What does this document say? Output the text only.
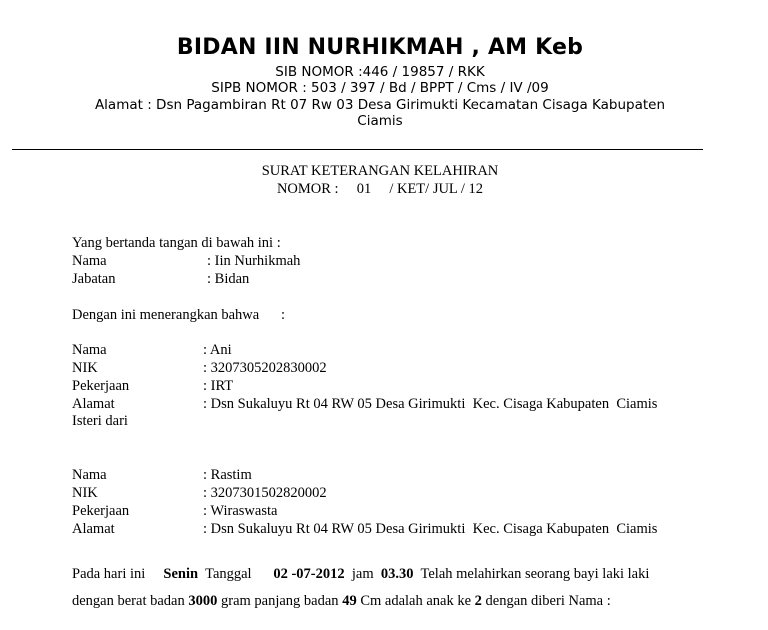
BIDAN IIN NURHIKMAH , AM Keb
SIB NOMOR :446 / 19857 / RKK
SIPB NOMOR : 503 / 397 / Bd / BPPT / Cms / IV /09
Alamat : Dsn Pagambiran Rt 07 Rw 03 Desa Girimukti Kecamatan Cisaga Kabupaten
Ciamis
SURAT KETERANGAN KELAHIRAN
NOMOR : 01 / KET/ JUL / 12
Yang bertanda tangan di bawah ini :
Nama	: Iin Nurhikmah
Jabatan	: Bidan
Dengan ini menerangkan bahwa      :
Nama	: Ani
NIK	: 3207305202830002
Pekerjaan	: IRT
Alamat	: Dsn Sukaluyu Rt 04 RW 05 Desa Girimukti  Kec. Cisaga Kabupaten  Ciamis
Isteri dari
Nama	: Rastim
NIK	: 3207301502820002
Pekerjaan	: Wiraswasta
Alamat	: Dsn Sukaluyu Rt 04 RW 05 Desa Girimukti  Kec. Cisaga Kabupaten  Ciamis
Pada hari ini Senin Tanggal 02 -07-2012 jam 03.30 Telah melahirkan seorang bayi laki laki
dengan berat badan 3000 gram panjang badan 49 Cm adalah anak ke 2 dengan diberi Nama :
